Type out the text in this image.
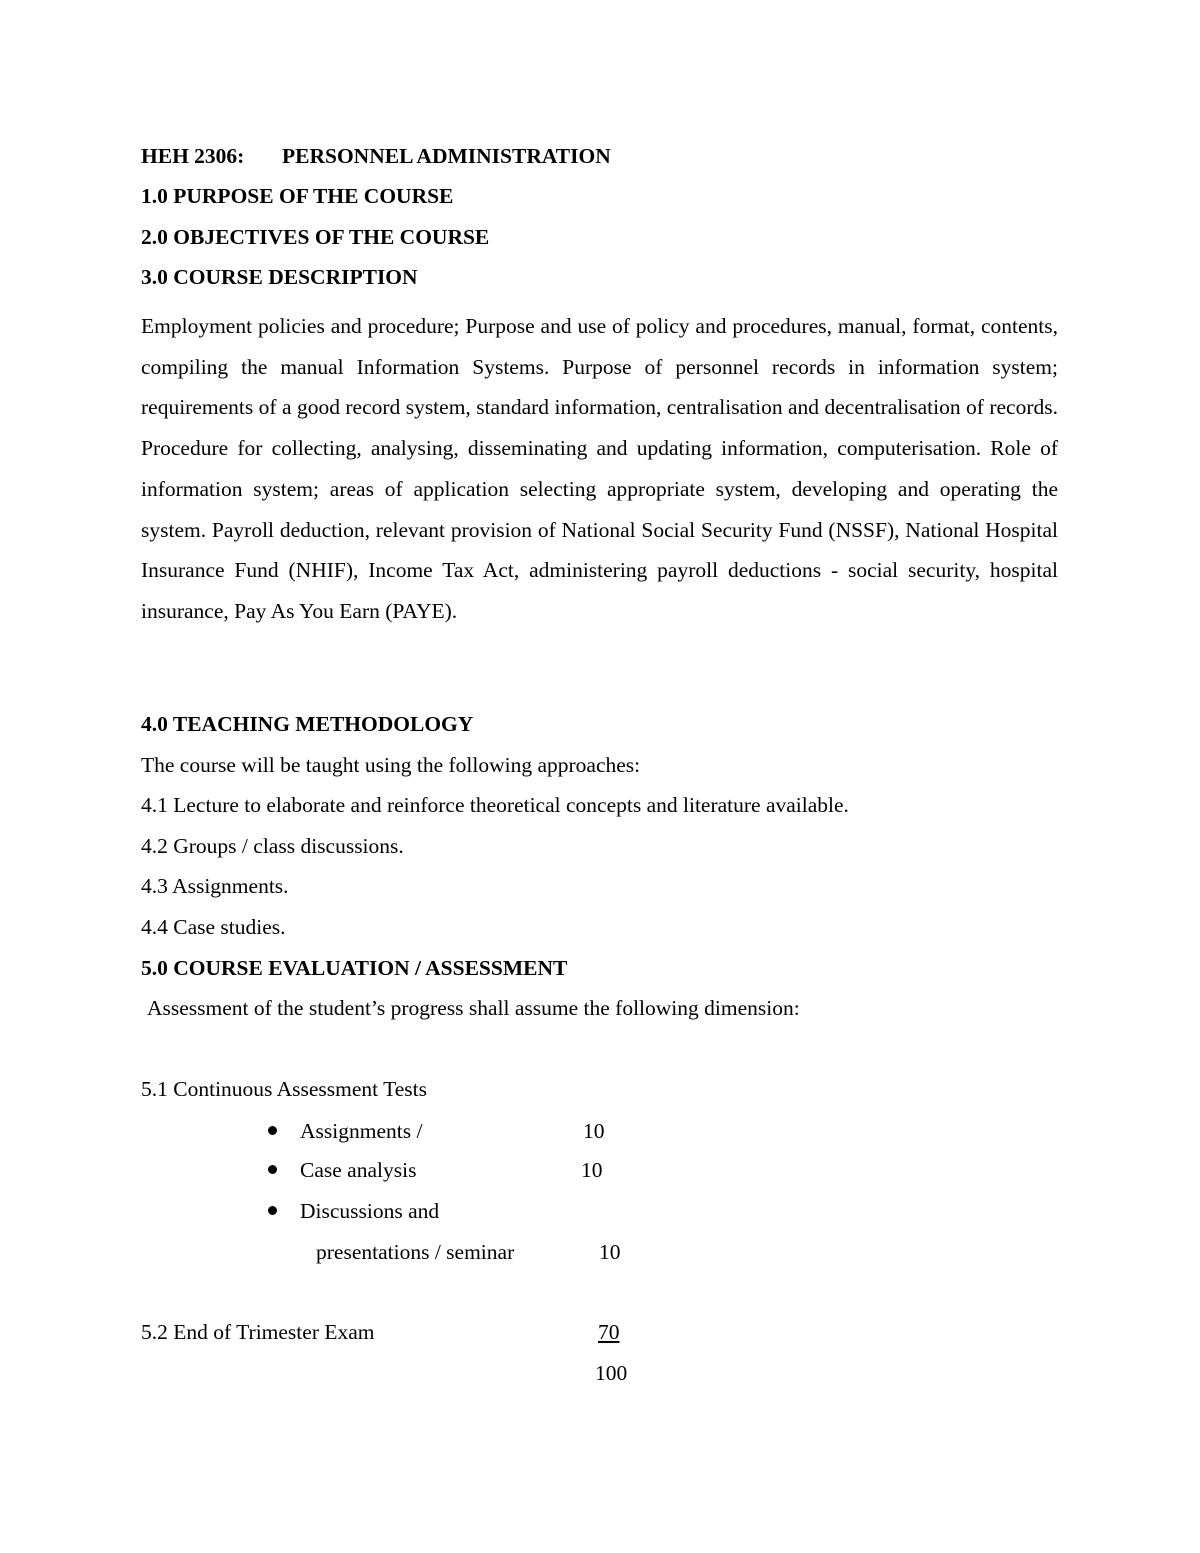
HEH 2306: PERSONNEL ADMINISTRATION
1.0 PURPOSE OF THE COURSE
2.0 OBJECTIVES OF THE COURSE
3.0 COURSE DESCRIPTION
Employment policies and procedure; Purpose and use of policy and procedures, manual, format, contents, compiling the manual Information Systems. Purpose of personnel records in information system; requirements of a good record system, standard information, centralisation and decentralisation of records. Procedure for collecting, analysing, disseminating and updating information, computerisation. Role of information system; areas of application selecting appropriate system, developing and operating the system. Payroll deduction, relevant provision of National Social Security Fund (NSSF), National Hospital Insurance Fund (NHIF), Income Tax Act, administering payroll deductions - social security, hospital insurance, Pay As You Earn (PAYE).
4.0 TEACHING METHODOLOGY
The course will be taught using the following approaches:
4.1 Lecture to elaborate and reinforce theoretical concepts and literature available.
4.2 Groups / class discussions.
4.3 Assignments.
4.4 Case studies.
5.0 COURSE EVALUATION / ASSESSMENT
Assessment of the student’s progress shall assume the following dimension:
5.1 Continuous Assessment Tests
Assignments /	10
Case analysis	10
Discussions and
presentations / seminar	10
5.2 End of Trimester Exam	70
100
